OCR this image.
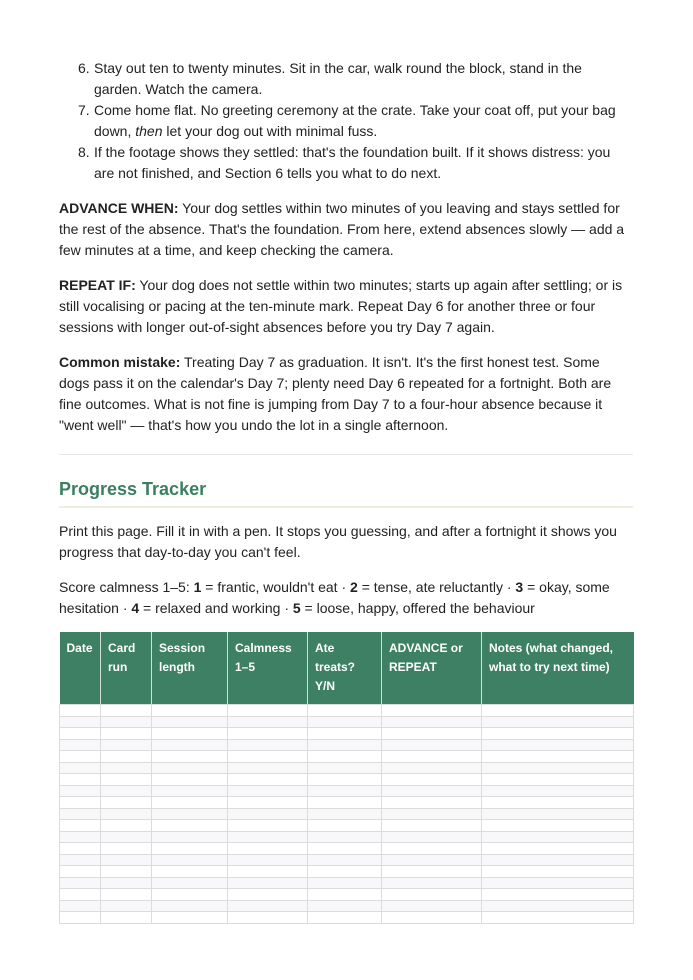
6. Stay out ten to twenty minutes. Sit in the car, walk round the block, stand in the garden. Watch the camera.
7. Come home flat. No greeting ceremony at the crate. Take your coat off, put your bag down, then let your dog out with minimal fuss.
8. If the footage shows they settled: that's the foundation built. If it shows distress: you are not finished, and Section 6 tells you what to do next.

ADVANCE WHEN: Your dog settles within two minutes of you leaving and stays settled for the rest of the absence. That's the foundation. From here, extend absences slowly — add a few minutes at a time, and keep checking the camera.

REPEAT IF: Your dog does not settle within two minutes; starts up again after settling; or is still vocalising or pacing at the ten-minute mark. Repeat Day 6 for another three or four sessions with longer out-of-sight absences before you try Day 7 again.

Common mistake: Treating Day 7 as graduation. It isn't. It's the first honest test. Some dogs pass it on the calendar's Day 7; plenty need Day 6 repeated for a fortnight. Both are fine outcomes. What is not fine is jumping from Day 7 to a four-hour absence because it "went well" — that's how you undo the lot in a single afternoon.

Progress Tracker

Print this page. Fill it in with a pen. It stops you guessing, and after a fortnight it shows you progress that day-to-day you can't feel.

Score calmness 1–5: 1 = frantic, wouldn't eat · 2 = tense, ate reluctantly · 3 = okay, some hesitation · 4 = relaxed and working · 5 = loose, happy, offered the behaviour

Date	Card run	Session length	Calmness 1–5	Ate treats? Y/N	ADVANCE or REPEAT	Notes (what changed, what to try next time)
